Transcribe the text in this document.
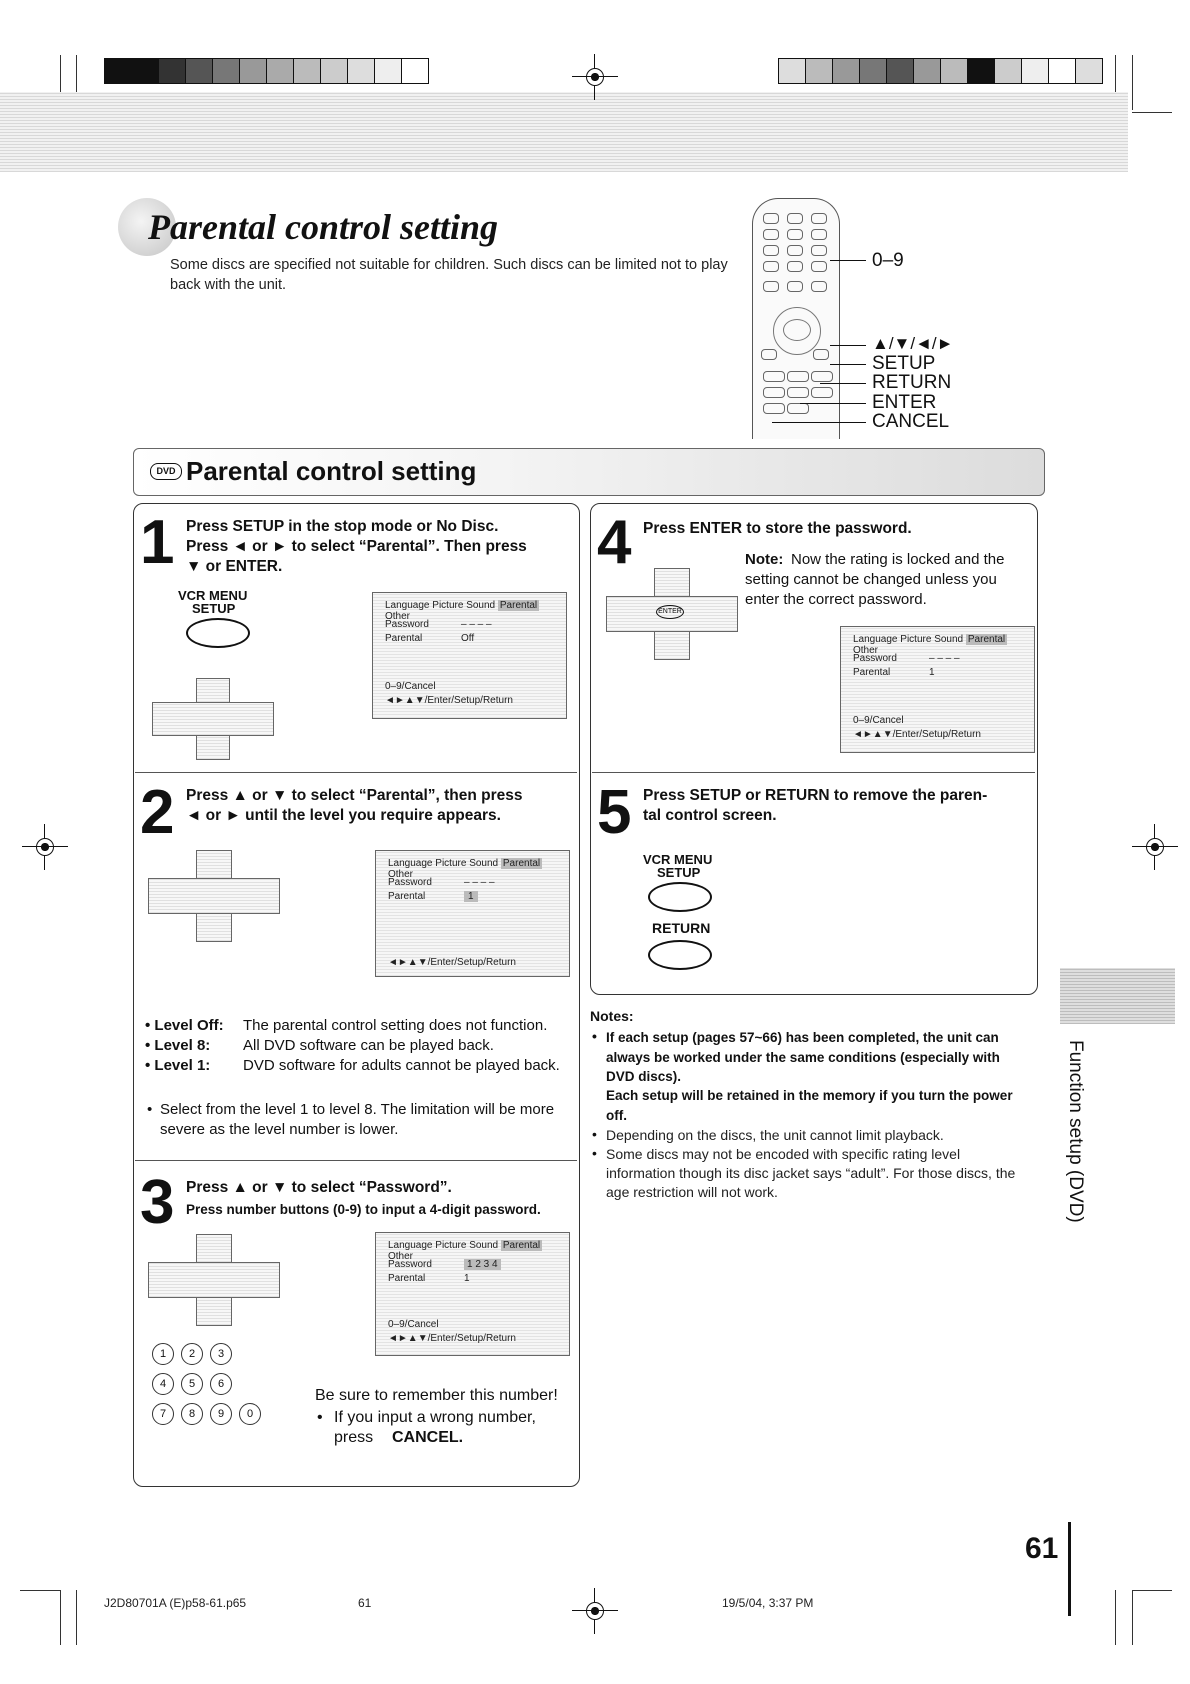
Parental control setting
Some discs are specified not suitable for children. Such discs can be limited not to play back with the unit.
0–9
▲/▼/◄/►
SETUP
RETURN
ENTER
CANCEL
DVD Parental control setting
1 Press SETUP in the stop mode or No Disc.
Press ◄ or ► to select “Parental”. Then press
▼ or ENTER.
VCR MENU
SETUP	Language Picture Sound Parental Other
Password	– – – –
Parental	Off
0–9/Cancel
◄►▲▼/Enter/Setup/Return
2 Press ▲ or ▼ to select “Parental”, then press
◄ or ► until the level you require appears.
Language Picture Sound Parental Other
Password	– – – –
Parental	1
◄►▲▼/Enter/Setup/Return
• Level Off: The parental control setting does not function.
• Level 8: All DVD software can be played back.
• Level 1: DVD software for adults cannot be played back.
• Select from the level 1 to level 8. The limitation will be more severe as the level number is lower.
3 Press ▲ or ▼ to select “Password”.
Press number buttons (0-9) to input a 4-digit password.
Language Picture Sound Parental Other
Password	1 2 3 4
Parental	1
0–9/Cancel
◄►▲▼/Enter/Setup/Return
1 2 3
4 5 6
7 8 9 0
Be sure to remember this number!
• If you input a wrong number, press	CANCEL.
4 Press ENTER to store the password.
Note: Now the rating is locked and the setting cannot be changed unless you enter the correct password.
ENTER
Language Picture Sound Parental Other
Password	– – – –
Parental	1
0–9/Cancel
◄►▲▼/Enter/Setup/Return
5 Press SETUP or RETURN to remove the paren-
tal control screen.
VCR MENU
SETUP
RETURN
Notes:
• If each setup (pages 57~66) has been completed, the unit can always be worked under the same conditions (especially with DVD discs).
Each setup will be retained in the memory if you turn the power off.
• Depending on the discs, the unit cannot limit playback.
• Some discs may not be encoded with specific rating level information though its disc jacket says “adult”. For those discs, the age restriction will not work.	Function setup (DVD)
61
J2D80701A (E)p58-61.p65	61	19/5/04, 3:37 PM
